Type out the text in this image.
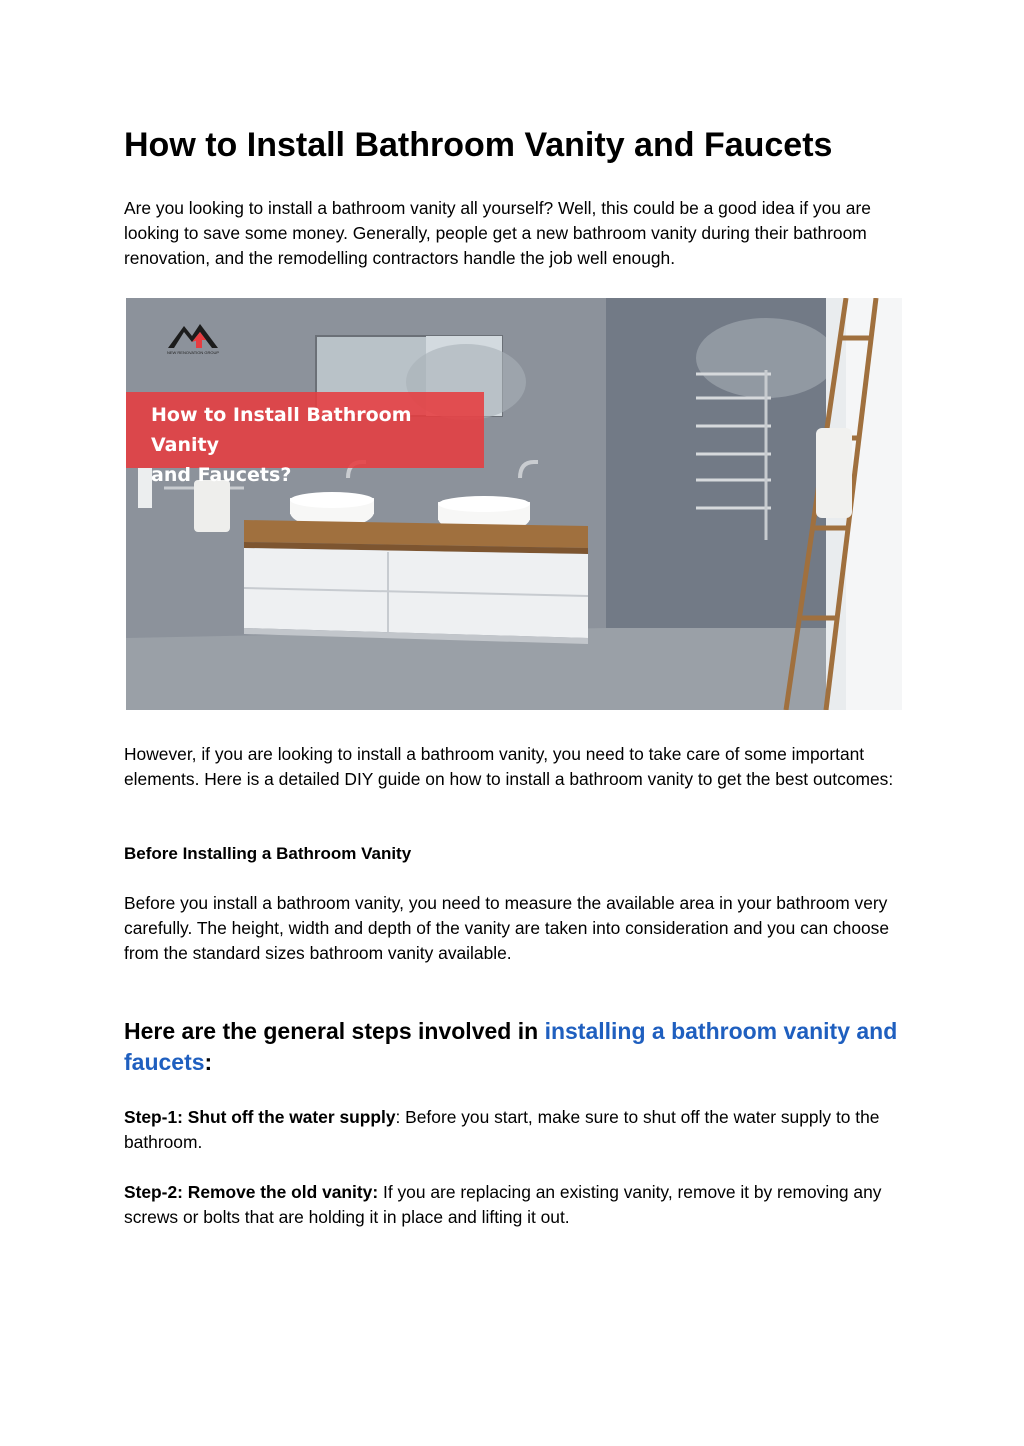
How to Install Bathroom Vanity and Faucets

Are you looking to install a bathroom vanity all yourself? Well, this could be a good idea if you are looking to save some money. Generally, people get a new bathroom vanity during their bathroom renovation, and the remodelling contractors handle the job well enough.

How to Install Bathroom Vanity
and Faucets?
NEW RENOVATION GROUP

However, if you are looking to install a bathroom vanity, you need to take care of some important elements. Here is a detailed DIY guide on how to install a bathroom vanity to get the best outcomes:

Before Installing a Bathroom Vanity

Before you install a bathroom vanity, you need to measure the available area in your bathroom very carefully. The height, width and depth of the vanity are taken into consideration and you can choose from the standard sizes bathroom vanity available.

Here are the general steps involved in installing a bathroom vanity and faucets:

Step-1: Shut off the water supply: Before you start, make sure to shut off the water supply to the bathroom.

Step-2: Remove the old vanity: If you are replacing an existing vanity, remove it by removing any screws or bolts that are holding it in place and lifting it out.
